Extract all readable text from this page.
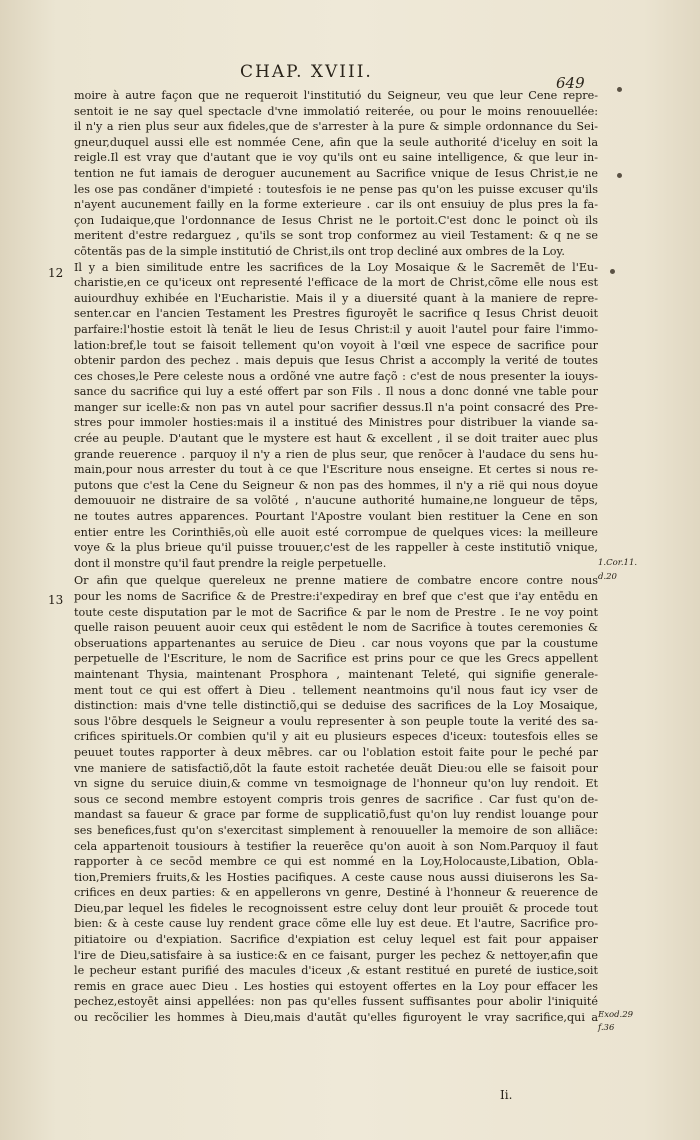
CHAP. XVIII.
649
12
13
1.Cor.11.
d.20
Exod.29
f.36
moire à autre façon que ne requeroit l'institutió du Seigneur, veu que leur Cene repre-
sentoit ie ne say quel spectacle d'vne immolatió reiterée, ou pour le moins renouuellée:
il n'y a rien plus seur aux fideles,que de s'arrester à la pure & simple ordonnance du Sei-
gneur,duquel aussi elle est nommée Cene, afin que la seule authorité d'iceluy en soit la
reigle.Il est vray que d'autant que ie voy qu'ils ont eu saine intelligence, & que leur in-
tention ne fut iamais de deroguer aucunement au Sacrifice vnique de Iesus Christ,ie ne
les ose pas condãner d'impieté : toutesfois ie ne pense pas qu'on les puisse excuser qu'ils
n'ayent aucunement failly en la forme exterieure . car ils ont ensuiuy de plus pres la fa-
çon Iudaique,que l'ordonnance de Iesus Christ ne le portoit.C'est donc le poinct où ils
meritent d'estre redarguez , qu'ils se sont trop conformez au vieil Testament: & q ne se
cōtentãs pas de la simple institutió de Christ,ils ont trop decliné aux ombres de la Loy.
Il y a bien similitude entre les sacrifices de la Loy Mosaique & le Sacremēt de l'Eu-
charistie,en ce qu'iceux ont representé l'efficace de la mort de Christ,cõme elle nous est
auiourdhuy exhibée en l'Eucharistie. Mais il y a diuersité quant à la maniere de repre-
senter.car en l'ancien Testament les Prestres figuroyēt le sacrifice q Iesus Christ deuoit
parfaire:l'hostie estoit là tenãt le lieu de Iesus Christ:il y auoit l'autel pour faire l'immo-
lation:bref,le tout se faisoit tellement qu'on voyoit à l'œil vne espece de sacrifice pour
obtenir pardon des pechez . mais depuis que Iesus Christ a accomply la verité de toutes
ces choses,le Pere celeste nous a ordõné vne autre façõ : c'est de nous presenter la iouys-
sance du sacrifice qui luy a esté offert par son Fils . Il nous a donc donné vne table pour
manger sur icelle:& non pas vn autel pour sacrifier dessus.Il n'a point consacré des Pre-
stres pour immoler hosties:mais il a institué des Ministres pour distribuer la viande sa-
crée au peuple. D'autant que le mystere est haut & excellent , il se doit traiter auec plus
grande reuerence . parquoy il n'y a rien de plus seur, que renōcer à l'audace du sens hu-
main,pour nous arrester du tout à ce que l'Escriture nous enseigne. Et certes si nous re-
putons que c'est la Cene du Seigneur & non pas des hommes, il n'y a rië qui nous doyue
demouuoir ne distraire de sa volõté , n'aucune authorité humaine,ne longueur de tēps,
ne toutes autres apparences. Pourtant l'Apostre voulant bien restituer la Cene en son
entier entre les Corinthiēs,où elle auoit esté corrompue de quelques vices: la meilleure
voye & la plus brieue qu'il puisse trouuer,c'est de les rappeller à ceste institutiõ vnique,
dont il monstre qu'il faut prendre la reigle perpetuelle.
Or afin que quelque quereleux ne prenne matiere de combatre encore contre nous
pour les noms de Sacrifice & de Prestre:i'expediray en bref que c'est que i'ay entēdu en
toute ceste disputation par le mot de Sacrifice & par le nom de Prestre . Ie ne voy point
quelle raison peuuent auoir ceux qui estēdent le nom de Sacrifice à toutes ceremonies &
obseruations appartenantes au seruice de Dieu . car nous voyons que par la coustume
perpetuelle de l'Escriture, le nom de Sacrifice est prins pour ce que les Grecs appellent
maintenant Thysia, maintenant Prosphora , maintenant Teleté, qui signifie generale-
ment tout ce qui est offert à Dieu . tellement neantmoins qu'il nous faut icy vser de
distinction: mais d'vne telle distinctiõ,qui se deduise des sacrifices de la Loy Mosaique,
sous l'ōbre desquels le Seigneur a voulu representer à son peuple toute la verité des sa-
crifices spirituels.Or combien qu'il y ait eu plusieurs especes d'iceux: toutesfois elles se
peuuet toutes rapporter à deux mēbres. car ou l'oblation estoit faite pour le peché par
vne maniere de satisfactiõ,dōt la faute estoit rachetée deuãt Dieu:ou elle se faisoit pour
vn signe du seruice diuin,& comme vn tesmoignage de l'honneur qu'on luy rendoit. Et
sous ce second membre estoyent compris trois genres de sacrifice . Car fust qu'on de-
mandast sa faueur & grace par forme de supplicatiõ,fust qu'on luy rendist louange pour
ses benefices,fust qu'on s'exercitast simplement à renouueller la memoire de son alliãce:
cela appartenoit tousiours à testifier la reuerēce qu'on auoit à son Nom.Parquoy il faut
rapporter à ce secōd membre ce qui est nommé en la Loy,Holocauste,Libation, Obla-
tion,Premiers fruits,& les Hosties pacifiques. A ceste cause nous aussi diuiserons les Sa-
crifices en deux parties: & en appellerons vn genre, Destiné à l'honneur & reuerence de
Dieu,par lequel les fideles le recognoissent estre celuy dont leur prouiēt & procede tout
bien: & à ceste cause luy rendent grace cõme elle luy est deue. Et l'autre, Sacrifice pro-
pitiatoire ou d'expiation. Sacrifice d'expiation est celuy lequel est fait pour appaiser
l'ire de Dieu,satisfaire à sa iustice:& en ce faisant, purger les pechez & nettoyer,afin que
le pecheur estant purifié des macules d'iceux ,& estant restitué en pureté de iustice,soit
remis en grace auec Dieu . Les hosties qui estoyent offertes en la Loy pour effacer les
pechez,estoyēt ainsi appellées: non pas qu'elles fussent suffisantes pour abolir l'iniquité
ou recõcilier les hommes à Dieu,mais d'autãt qu'elles figuroyent le vray sacrifice,qui a
Ii.
